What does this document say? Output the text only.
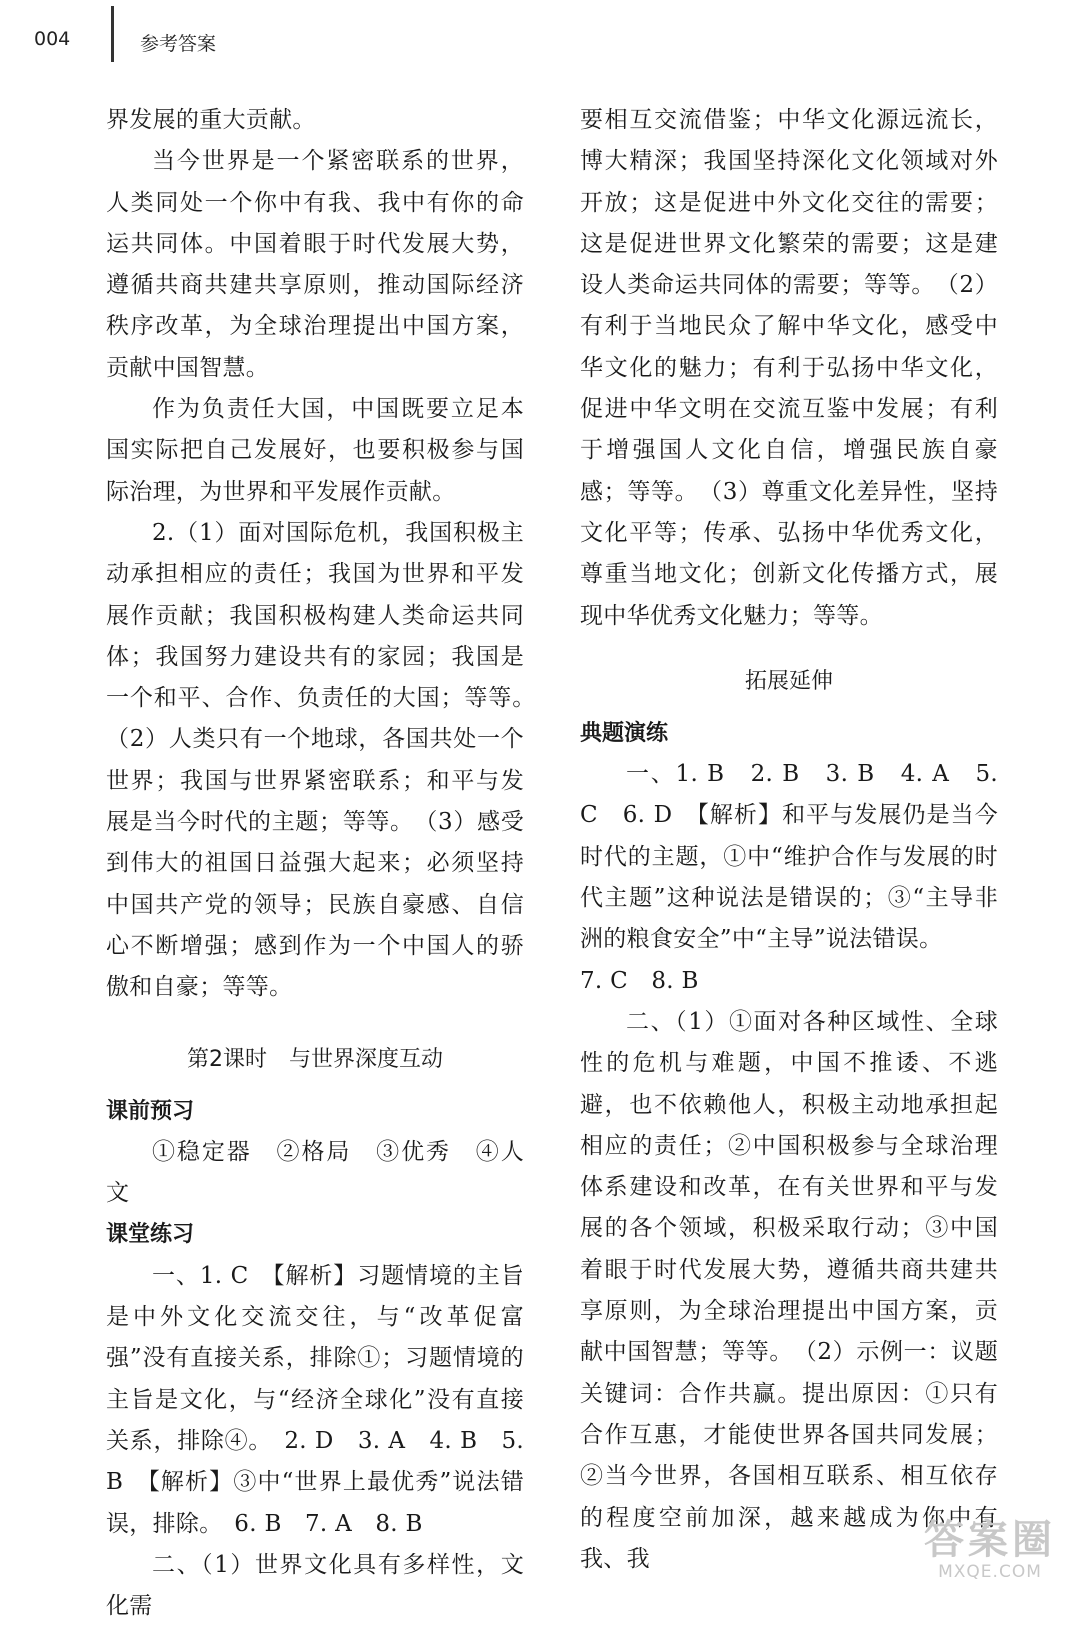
004	参考答案

界发展的重大贡献。

当今世界是一个紧密联系的世界，人类同处一个你中有我、我中有你的命运共同体。中国着眼于时代发展大势，遵循共商共建共享原则，推动国际经济秩序改革，为全球治理提出中国方案，贡献中国智慧。

作为负责任大国，中国既要立足本国实际把自己发展好，也要积极参与国际治理，为世界和平发展作贡献。

2.（1）面对国际危机，我国积极主动承担相应的责任；我国为世界和平发展作贡献；我国积极构建人类命运共同体；我国努力建设共有的家园；我国是一个和平、合作、负责任的大国；等等。　（2）人类只有一个地球，各国共处一个世界；我国与世界紧密联系；和平与发展是当今时代的主题；等等。　（3）感受到伟大的祖国日益强大起来；必须坚持中国共产党的领导；民族自豪感、自信心不断增强；感到作为一个中国人的骄傲和自豪；等等。

第2课时　与世界深度互动

课前预习

①稳定器　②格局　③优秀　④人文

课堂练习

一、1. C　【解析】习题情境的主旨是中外文化交流交往，与“改革促富强”没有直接关系，排除①；习题情境的主旨是文化，与“经济全球化”没有直接关系，排除④。　2. D　3. A　4. B　5. B　【解析】③中“世界上最优秀”说法错误，排除。　6. B　7. A　8. B

二、（1）世界文化具有多样性，文化需

要相互交流借鉴；中华文化源远流长，博大精深；我国坚持深化文化领域对外开放；这是促进中外文化交往的需要；这是促进世界文化繁荣的需要；这是建设人类命运共同体的需要；等等。　（2）有利于当地民众了解中华文化，感受中华文化的魅力；有利于弘扬中华文化，促进中华文明在交流互鉴中发展；有利于增强国人文化自信，增强民族自豪感；等等。　（3）尊重文化差异性，坚持文化平等；传承、弘扬中华优秀文化，尊重当地文化；创新文化传播方式，展现中华优秀文化魅力；等等。

拓展延伸

典题演练

一、1. B　2. B　3. B　4. A　5. C　6. D　【解析】和平与发展仍是当今时代的主题，①中“维护合作与发展的时代主题”这种说法是错误的；③“主导非洲的粮食安全”中“主导”说法错误。

7. C　8. B

二、（1）①面对各种区域性、全球性的危机与难题，中国不推诿、不逃避，也不依赖他人，积极主动地承担起相应的责任；②中国积极参与全球治理体系建设和改革，在有关世界和平与发展的各个领域，积极采取行动；③中国着眼于时代发展大势，遵循共商共建共享原则，为全球治理提出中国方案，贡献中国智慧；等等。　（2）示例一：议题关键词：合作共赢。提出原因：①只有合作互惠，才能使世界各国共同发展；②当今世界，各国相互联系、相互依存的程度空前加深，越来越成为你中有我、我	答案圈
MXQE.COM
